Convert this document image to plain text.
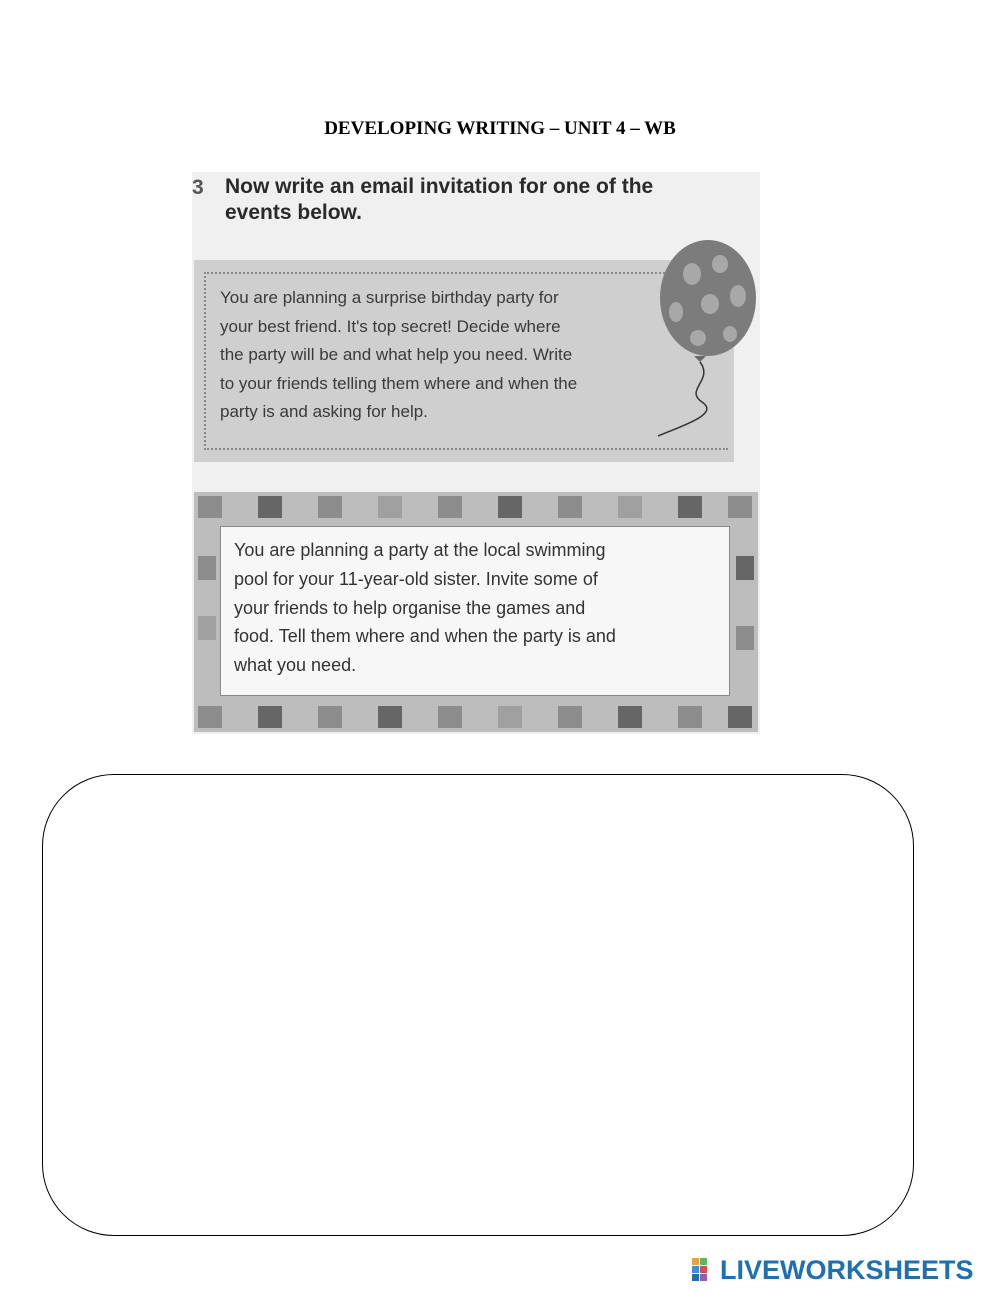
DEVELOPING WRITING – UNIT 4 – WB
3 Now write an email invitation for one of the
events below.
You are planning a surprise birthday party for
your best friend. It's top secret! Decide where
the party will be and what help you need. Write
to your friends telling them where and when the
party is and asking for help.
You are planning a party at the local swimming
pool for your 11-year-old sister. Invite some of
your friends to help organise the games and
food. Tell them where and when the party is and
what you need.
LIVEWORKSHEETS
